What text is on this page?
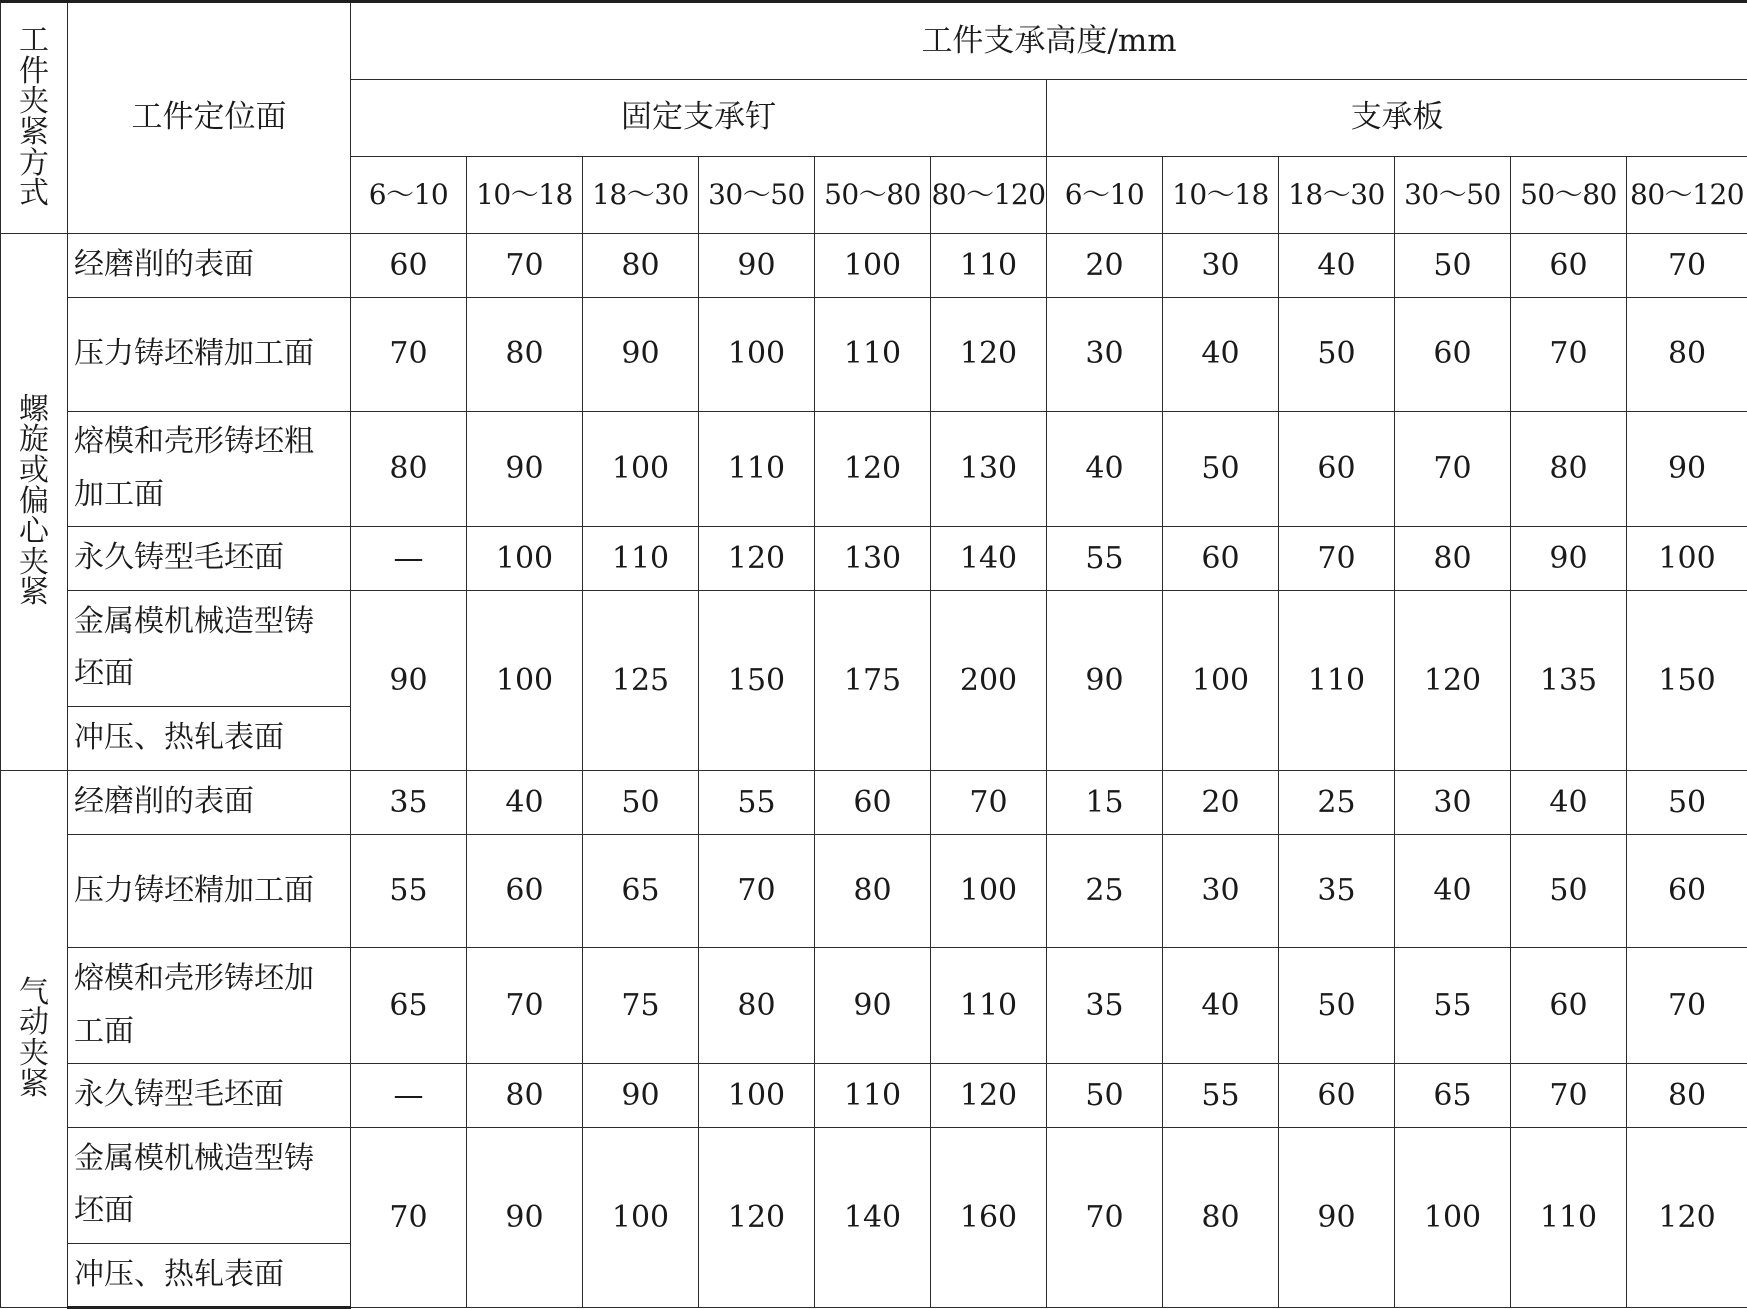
工件夹紧方式	工件定位面	工件支承高度/mm											
		固定支承钉						支承板					
		6～10	10～18	18～30	30～50	50～80	80～120	6～10	10～18	18～30	30～50	50～80	80～120
螺旋或偏心夹紧	经磨削的表面	60	70	80	90	100	110	20	30	40	50	60	70
	压力铸坯精加工面	70	80	90	100	110	120	30	40	50	60	70	80
	熔模和壳形铸坯粗加工面	80	90	100	110	120	130	40	50	60	70	80	90
	永久铸型毛坯面	—	100	110	120	130	140	55	60	70	80	90	100
	金属模机械造型铸坯面	90	100	125	150	175	200	90	100	110	120	135	150
	冲压、热轧表面												
气动夹紧	经磨削的表面	35	40	50	55	60	70	15	20	25	30	40	50
	压力铸坯精加工面	55	60	65	70	80	100	25	30	35	40	50	60
	熔模和壳形铸坯加工面	65	70	75	80	90	110	35	40	50	55	60	70
	永久铸型毛坯面	—	80	90	100	110	120	50	55	60	65	70	80
	金属模机械造型铸坯面	70	90	100	120	140	160	70	80	90	100	110	120
	冲压、热轧表面												
